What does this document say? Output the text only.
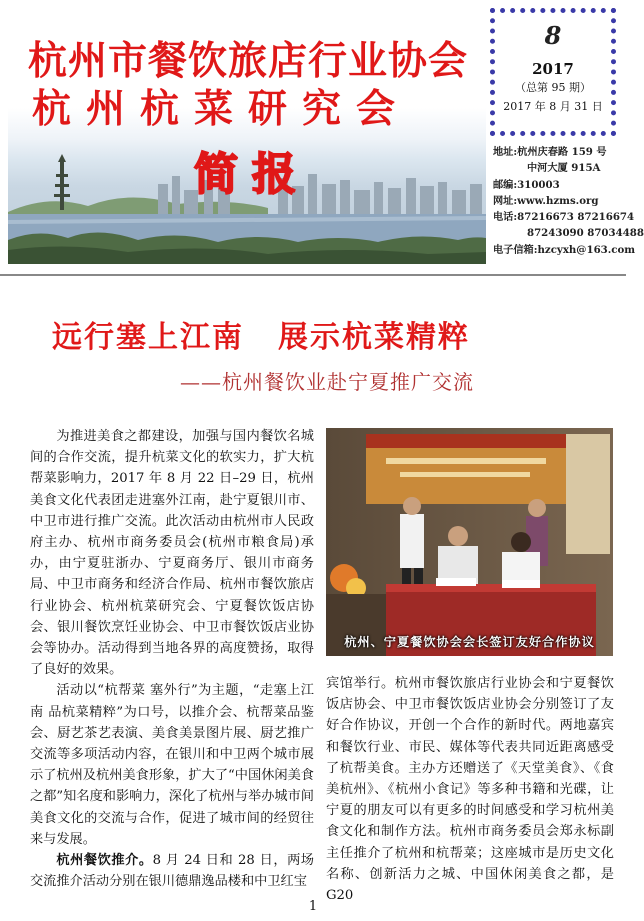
杭州市餐饮旅店行业协会
杭州杭菜研究会
简报
8
2017
（总第 95 期）
2017 年 8 月 31 日
地址:杭州庆春路 159 号
中河大厦 915A
邮编:310003
网址:www.hzms.org
电话:87216673 87216674
87243090 87034488
电子信箱:hzcyxh@163.com
远行塞上江南 展示杭菜精粹
——杭州餐饮业赴宁夏推广交流

为推进美食之都建设，加强与国内餐饮名城间的合作交流，提升杭菜文化的软实力，扩大杭帮菜影响力，2017 年 8 月 22 日–29 日，杭州美食文化代表团走进塞外江南，赴宁夏银川市、中卫市进行推广交流。此次活动由杭州市人民政府主办、杭州市商务委员会(杭州市粮食局)承办，由宁夏驻浙办、宁夏商务厅、银川市商务局、中卫市商务和经济合作局、杭州市餐饮旅店行业协会、杭州杭菜研究会、宁夏餐饮饭店协会、银川餐饮烹饪业协会、中卫市餐饮饭店业协会等协办。活动得到当地各界的高度赞扬，取得了良好的效果。

活动以“杭帮菜 塞外行”为主题，“走塞上江南 品杭菜精粹”为口号，以推介会、杭帮菜品鉴会、厨艺茶艺表演、美食美景图片展、厨艺推广交流等多项活动内容，在银川和中卫两个城市展示了杭州及杭州美食形象，扩大了“中国休闲美食之都”知名度和影响力，深化了杭州与举办城市间美食文化的交流与合作，促进了城市间的经贸往来与发展。

杭州餐饮推介。8 月 24 日和 28 日，两场交流推介活动分别在银川德鼎逸品楼和中卫红宝

杭州、宁夏餐饮协会会长签订友好合作协议

宾馆举行。杭州市餐饮旅店行业协会和宁夏餐饮饭店协会、中卫市餐饮饭店业协会分别签订了友好合作协议，开创一个合作的新时代。两地嘉宾和餐饮行业、市民、媒体等代表共同近距离感受了杭帮美食。主办方还赠送了《天堂美食》、《食美杭州》、《杭州小食记》等多种书籍和光碟，让宁夏的朋友可以有更多的时间感受和学习杭州美食文化和制作方法。杭州市商务委员会郑永标副主任推介了杭州和杭帮菜；这座城市是历史文化名称、创新活力之城、中国休闲美食之都，是 G20

1
